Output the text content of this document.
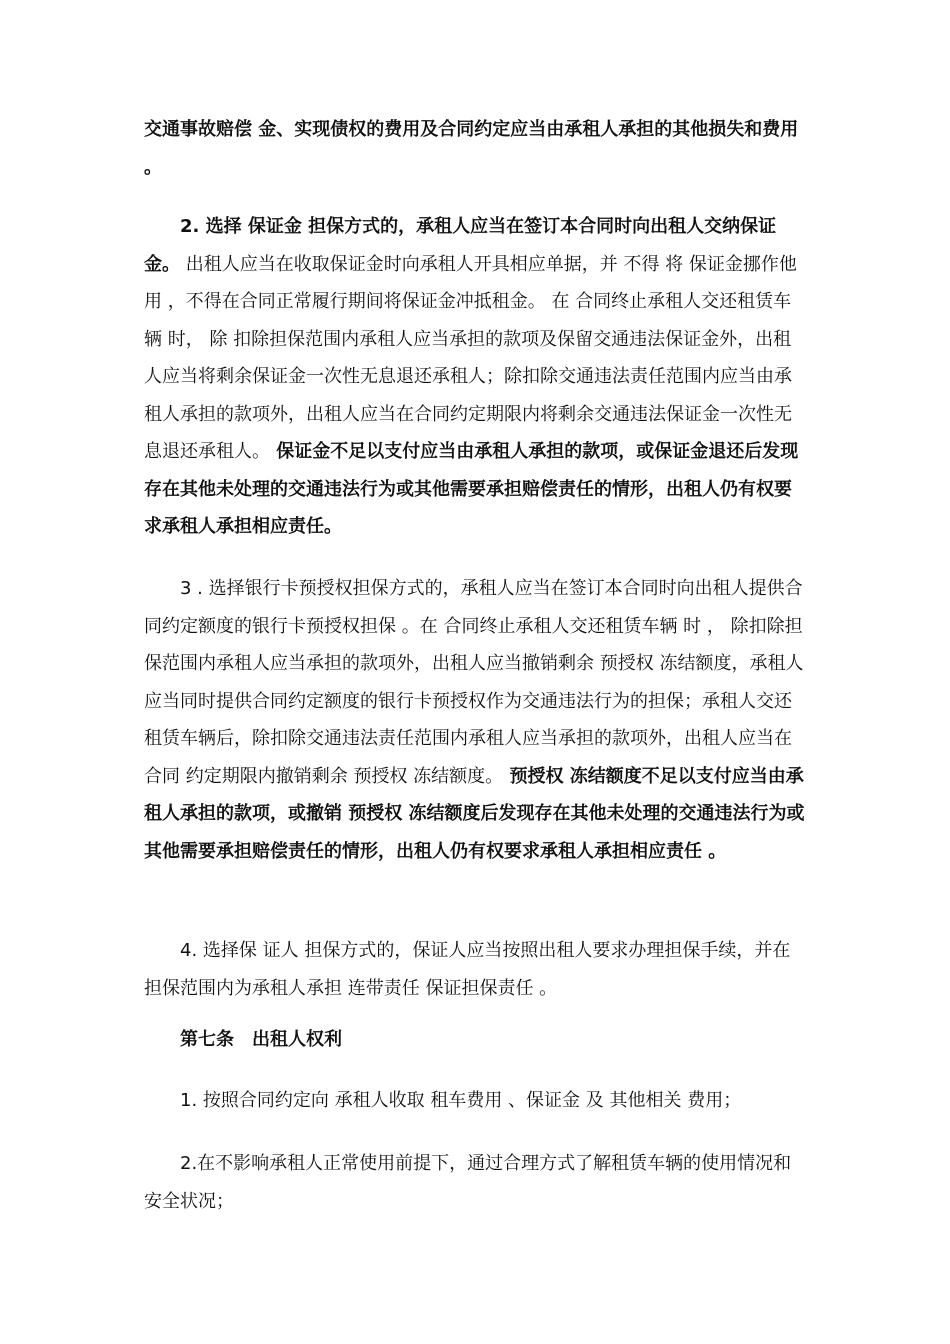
交通事故赔偿 金、实现债权的费用及合同约定应当由承租人承担的其他损失和费用 。

2. 选择 保证金 担保方式的，承租人应当在签订本合同时向出租人交纳保证金。 出租人应当在收取保证金时向承租人开具相应单据，并 不得 将 保证金挪作他用 ，不得在合同正常履行期间将保证金冲抵租金。 在 合同终止承租人交还租赁车辆 时， 除 扣除担保范围内承租人应当承担的款项及保留交通违法保证金外，出租人应当将剩余保证金一次性无息退还承租人；除扣除交通违法责任范围内应当由承租人承担的款项外，出租人应当在合同约定期限内将剩余交通违法保证金一次性无息退还承租人。 保证金不足以支付应当由承租人承担的款项，或保证金退还后发现存在其他未处理的交通违法行为或其他需要承担赔偿责任的情形，出租人仍有权要求承租人承担相应责任。

3 . 选择银行卡预授权担保方式的，承租人应当在签订本合同时向出租人提供合同约定额度的银行卡预授权担保 。在 合同终止承租人交还租赁车辆 时 ， 除扣除担保范围内承租人应当承担的款项外，出租人应当撤销剩余 预授权 冻结额度，承租人应当同时提供合同约定额度的银行卡预授权作为交通违法行为的担保；承租人交还租赁车辆后，除扣除交通违法责任范围内承租人应当承担的款项外，出租人应当在 合同 约定期限内撤销剩余 预授权 冻结额度。 预授权 冻结额度不足以支付应当由承租人承担的款项，或撤销 预授权 冻结额度后发现存在其他未处理的交通违法行为或其他需要承担赔偿责任的情形，出租人仍有权要求承租人承担相应责任 。

4. 选择保 证人 担保方式的，保证人应当按照出租人要求办理担保手续，并在担保范围内为承租人承担 连带责任 保证担保责任 。

第七条　出租人权利

1. 按照合同约定向 承租人收取 租车费用 、保证金 及 其他相关 费用；

2.在不影响承租人正常使用前提下，通过合理方式了解租赁车辆的使用情况和安全状况；
